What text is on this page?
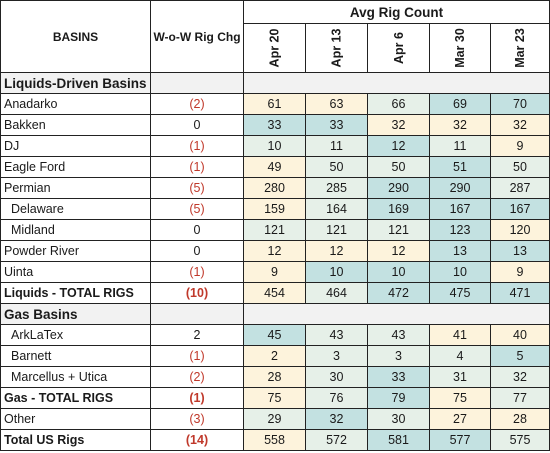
BASINS	W-o-W Rig Chg	Avg Rig Count				
		Apr 20	Apr 13	Apr 6	Mar 30	Mar 23
Liquids-Driven Basins						
Anadarko	(2)	61	63	66	69	70
Bakken	0	33	33	32	32	32
DJ	(1)	10	11	12	11	9
Eagle Ford	(1)	49	50	50	51	50
Permian	(5)	280	285	290	290	287
Delaware	(5)	159	164	169	167	167
Midland	0	121	121	121	123	120
Powder River	0	12	12	12	13	13
Uinta	(1)	9	10	10	10	9
Liquids - TOTAL RIGS	(10)	454	464	472	475	471
Gas Basins						
ArkLaTex	2	45	43	43	41	40
Barnett	(1)	2	3	3	4	5
Marcellus + Utica	(2)	28	30	33	31	32
Gas - TOTAL RIGS	(1)	75	76	79	75	77
Other	(3)	29	32	30	27	28
Total US Rigs	(14)	558	572	581	577	575
